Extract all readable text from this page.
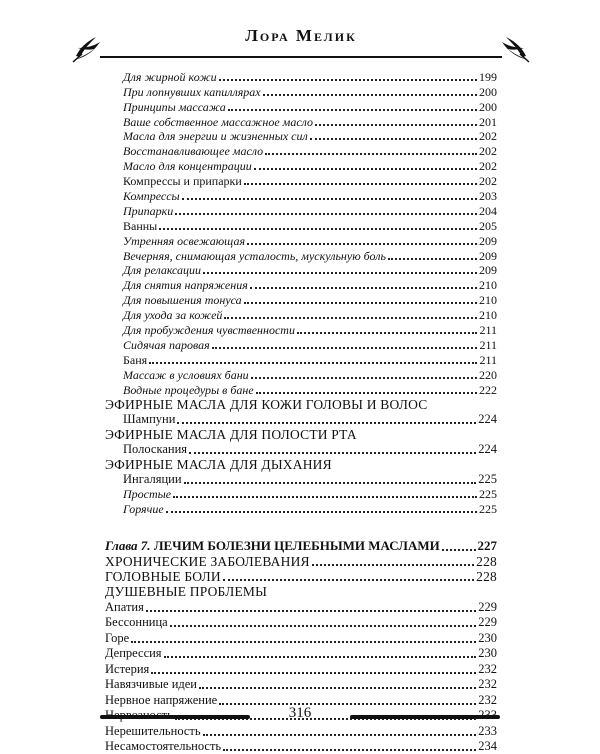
Лора Мелик
Для жирной кожи	199
При лопнувших капиллярах	200
Принципы массажа	200
Ваше собственное массажное масло	201
Масла для энергии и жизненных сил	202
Восстанавливающее масло	202
Масло для концентрации	202
Компрессы и припарки	202
Компрессы	203
Припарки	204
Ванны	205
Утренняя освежающая	209
Вечерняя, снимающая усталость, мускульную боль	209
Для релаксации	209
Для снятия напряжения	210
Для повышения тонуса	210
Для ухода за кожей	210
Для пробуждения чувственности	211
Сидячая паровая	211
Баня	211
Массаж в условиях бани	220
Водные процедуры в бане	222
ЭФИРНЫЕ МАСЛА ДЛЯ КОЖИ ГОЛОВЫ И ВОЛОС
Шампуни	224
ЭФИРНЫЕ МАСЛА ДЛЯ ПОЛОСТИ РТА
Полоскания	224
ЭФИРНЫЕ МАСЛА ДЛЯ ДЫХАНИЯ
Ингаляции	225
Простые	225
Горячие	225
Глава 7. ЛЕЧИМ БОЛЕЗНИ ЦЕЛЕБНЫМИ МАСЛАМИ	227
ХРОНИЧЕСКИЕ ЗАБОЛЕВАНИЯ	228
ГОЛОВНЫЕ БОЛИ	228
ДУШЕВНЫЕ ПРОБЛЕМЫ
Апатия	229
Бессонница	229
Горе	230
Депрессия	230
Истерия	232
Навязчивые идеи	232
Нервное напряжение	232
Нерешительность	233
Несамостоятельность	234
316
